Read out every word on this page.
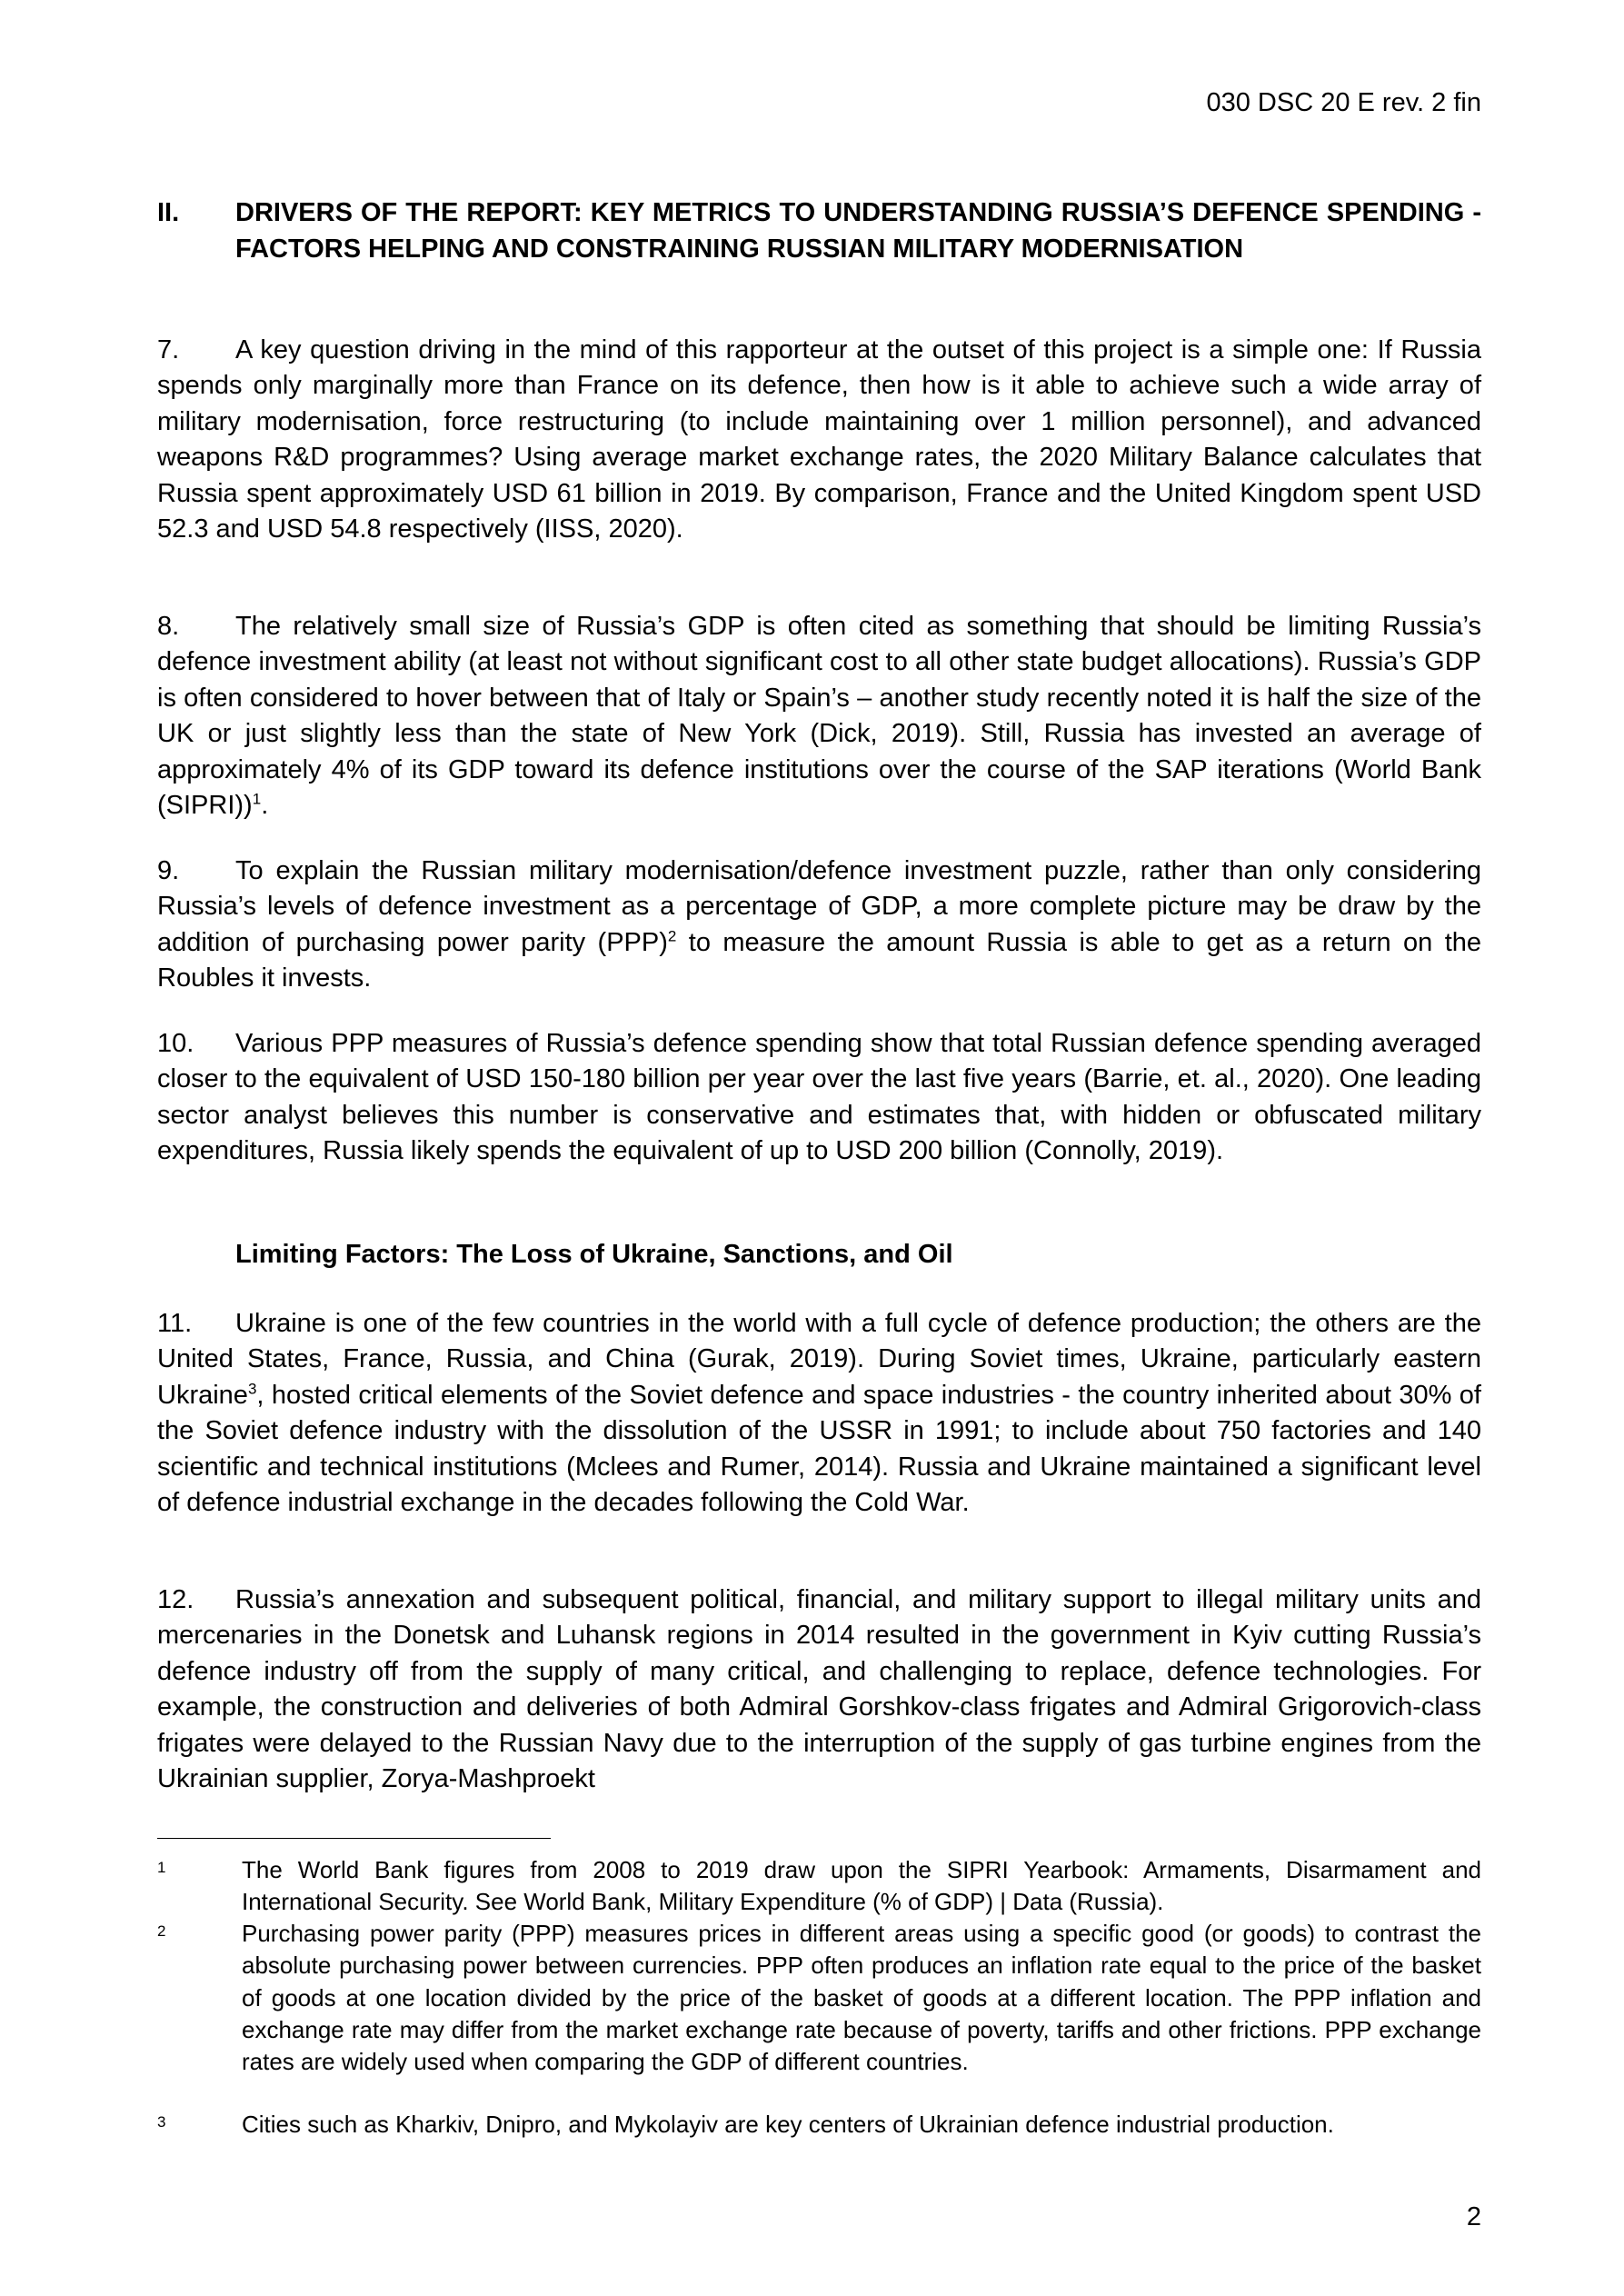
030 DSC 20 E rev. 2 fin
II.	DRIVERS OF THE REPORT: KEY METRICS TO UNDERSTANDING RUSSIA’S DEFENCE SPENDING - FACTORS HELPING AND CONSTRAINING RUSSIAN MILITARY MODERNISATION
7. A key question driving in the mind of this rapporteur at the outset of this project is a simple one: If Russia spends only marginally more than France on its defence, then how is it able to achieve such a wide array of military modernisation, force restructuring (to include maintaining over 1 million personnel), and advanced weapons R&D programmes? Using average market exchange rates, the 2020 Military Balance calculates that Russia spent approximately USD 61 billion in 2019. By comparison, France and the United Kingdom spent USD 52.3 and USD 54.8 respectively (IISS, 2020).
8. The relatively small size of Russia’s GDP is often cited as something that should be limiting Russia’s defence investment ability (at least not without significant cost to all other state budget allocations). Russia’s GDP is often considered to hover between that of Italy or Spain’s – another study recently noted it is half the size of the UK or just slightly less than the state of New York (Dick, 2019). Still, Russia has invested an average of approximately 4% of its GDP toward its defence institutions over the course of the SAP iterations (World Bank (SIPRI))$^1$.
9. To explain the Russian military modernisation/defence investment puzzle, rather than only considering Russia’s levels of defence investment as a percentage of GDP, a more complete picture may be draw by the addition of purchasing power parity (PPP)$^2$ to measure the amount Russia is able to get as a return on the Roubles it invests.
10. Various PPP measures of Russia’s defence spending show that total Russian defence spending averaged closer to the equivalent of USD 150-180 billion per year over the last five years (Barrie, et. al., 2020). One leading sector analyst believes this number is conservative and estimates that, with hidden or obfuscated military expenditures, Russia likely spends the equivalent of up to USD 200 billion (Connolly, 2019).
Limiting Factors: The Loss of Ukraine, Sanctions, and Oil
11. Ukraine is one of the few countries in the world with a full cycle of defence production; the others are the United States, France, Russia, and China (Gurak, 2019). During Soviet times, Ukraine, particularly eastern Ukraine$^3$, hosted critical elements of the Soviet defence and space industries - the country inherited about 30% of the Soviet defence industry with the dissolution of the USSR in 1991; to include about 750 factories and 140 scientific and technical institutions (Mclees and Rumer, 2014). Russia and Ukraine maintained a significant level of defence industrial exchange in the decades following the Cold War.
12. Russia’s annexation and subsequent political, financial, and military support to illegal military units and mercenaries in the Donetsk and Luhansk regions in 2014 resulted in the government in Kyiv cutting Russia’s defence industry off from the supply of many critical, and challenging to replace, defence technologies. For example, the construction and deliveries of both Admiral Gorshkov-class frigates and Admiral Grigorovich-class frigates were delayed to the Russian Navy due to the interruption of the supply of gas turbine engines from the Ukrainian supplier, Zorya-Mashproekt
1	The World Bank figures from 2008 to 2019 draw upon the SIPRI Yearbook: Armaments, Disarmament and International Security. See World Bank, Military Expenditure (% of GDP) | Data (Russia).
2	Purchasing power parity (PPP) measures prices in different areas using a specific good (or goods) to contrast the absolute purchasing power between currencies. PPP often produces an inflation rate equal to the price of the basket of goods at one location divided by the price of the basket of goods at a different location. The PPP inflation and exchange rate may differ from the market exchange rate because of poverty, tariffs and other frictions. PPP exchange rates are widely used when comparing the GDP of different countries.
3	Cities such as Kharkiv, Dnipro, and Mykolayiv are key centers of Ukrainian defence industrial production.
2
